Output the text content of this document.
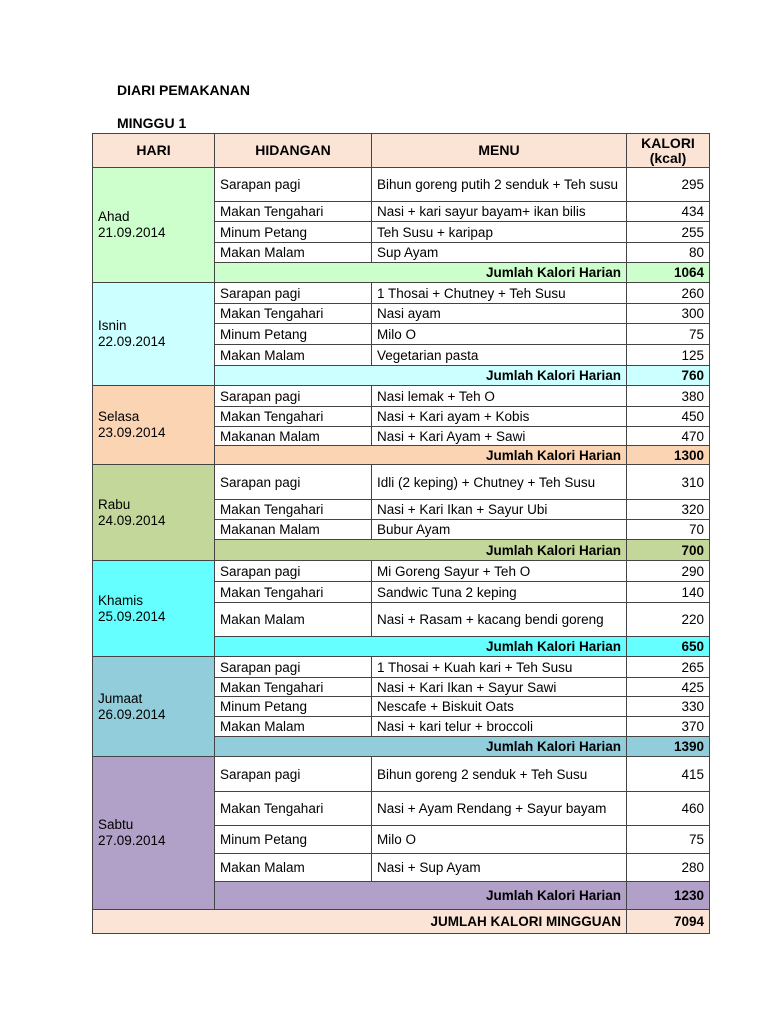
DIARI PEMAKANAN
MINGGU 1
HARI	HIDANGAN	MENU	KALORI (kcal)

Ahad
21.09.2014	Sarapan pagi	Bihun goreng putih 2 senduk + Teh susu	295
	Makan Tengahari	Nasi + kari sayur bayam+ ikan bilis	434
	Minum Petang	Teh Susu + karipap	255
	Makan Malam	Sup Ayam	80
	Jumlah Kalori Harian		1064

Isnin
22.09.2014	Sarapan pagi	1 Thosai + Chutney + Teh Susu	260
	Makan Tengahari	Nasi ayam	300
	Minum Petang	Milo O	75
	Makan Malam	Vegetarian pasta	125
	Jumlah Kalori Harian		760

Selasa
23.09.2014	Sarapan pagi	Nasi lemak + Teh O	380
	Makan Tengahari	Nasi + Kari ayam + Kobis	450
	Makanan Malam	Nasi + Kari Ayam + Sawi	470
	Jumlah Kalori Harian		1300

Rabu
24.09.2014	Sarapan pagi	Idli (2 keping) + Chutney + Teh Susu	310
	Makan Tengahari	Nasi + Kari Ikan + Sayur Ubi	320
	Makanan Malam	Bubur Ayam	70
	Jumlah Kalori Harian		700

Khamis
25.09.2014	Sarapan pagi	Mi Goreng Sayur + Teh O	290
	Makan Tengahari	Sandwic Tuna 2 keping	140
	Makan Malam	Nasi + Rasam + kacang bendi goreng	220
	Jumlah Kalori Harian		650

Jumaat
26.09.2014	Sarapan pagi	1 Thosai + Kuah kari + Teh Susu	265
	Makan Tengahari	Nasi + Kari Ikan + Sayur Sawi	425
	Minum Petang	Nescafe + Biskuit Oats	330
	Makan Malam	Nasi + kari telur + broccoli	370
	Jumlah Kalori Harian		1390

Sabtu
27.09.2014	Sarapan pagi	Bihun goreng 2 senduk + Teh Susu	415
	Makan Tengahari	Nasi + Ayam Rendang + Sayur bayam	460
	Minum Petang	Milo O	75
	Makan Malam	Nasi + Sup Ayam	280
	Jumlah Kalori Harian		1230
JUMLAH KALORI MINGGUAN			7094
